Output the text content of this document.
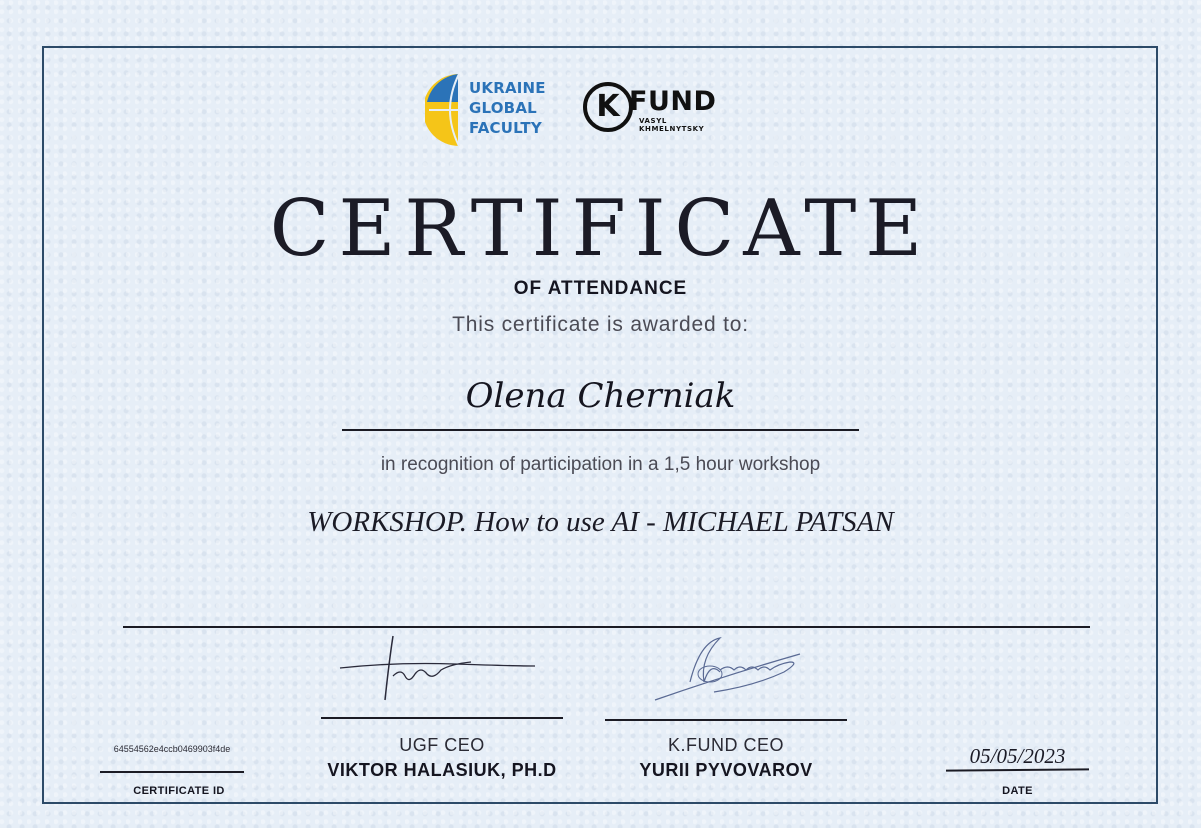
UKRAINE
GLOBAL
FACULTY
K FUND
VASYL
KHMELNYTSKY
CERTIFICATE
OF ATTENDANCE
This certificate is awarded to:
Olena Cherniak
in recognition of participation in a 1,5 hour workshop
WORKSHOP. How to use AI - MICHAEL PATSAN
UGF CEO
VIKTOR HALASIUK, PH.D
K.FUND CEO
YURII PYVOVAROV
64554562e4ccb0469903f4de
CERTIFICATE ID
05/05/2023
DATE
